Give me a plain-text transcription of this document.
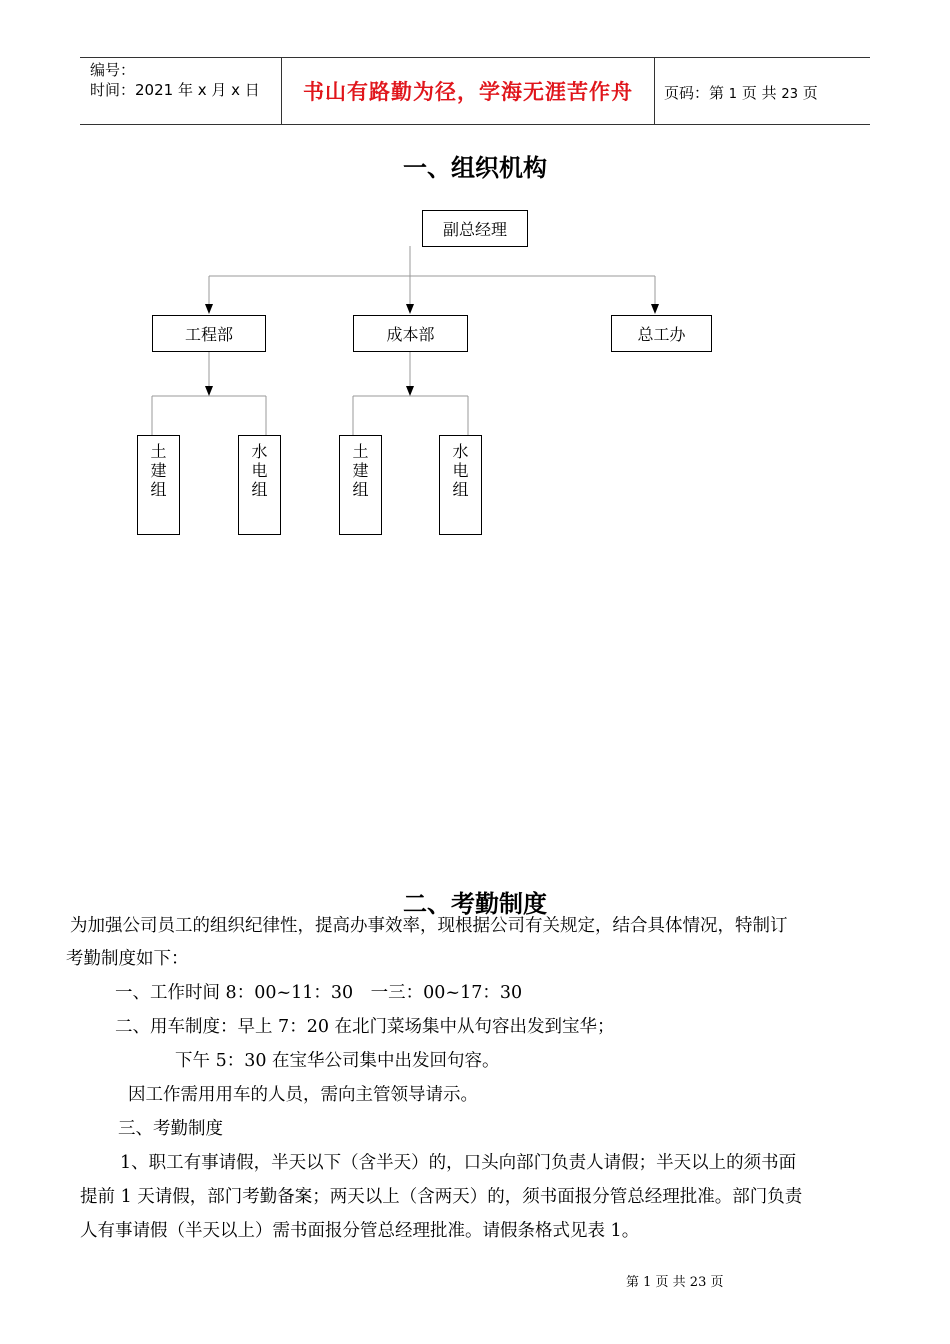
编号：
时间：2021 年 x 月 x 日	书山有路勤为径，学海无涯苦作舟	页码：第 1 页 共 23 页
一、组织机构
副总经理
工程部	成本部	总工办
土
建
组
水
电
组
土
建
组
水
电
组
二、考勤制度
为加强公司员工的组织纪律性，提高办事效率，现根据公司有关规定，结合具体情况，特制订
考勤制度如下：
一、工作时间 8：00~11：30　一三：00~17：30
二、用车制度：早上 7：20 在北门菜场集中从句容出发到宝华；
下午 5：30 在宝华公司集中出发回句容。
因工作需用用车的人员，需向主管领导请示。
三、考勤制度
1、职工有事请假，半天以下（含半天）的，口头向部门负责人请假；半天以上的须书面
提前 1 天请假，部门考勤备案；两天以上（含两天）的，须书面报分管总经理批准。部门负责
人有事请假（半天以上）需书面报分管总经理批准。请假条格式见表 1。
第 1 页 共 23 页
